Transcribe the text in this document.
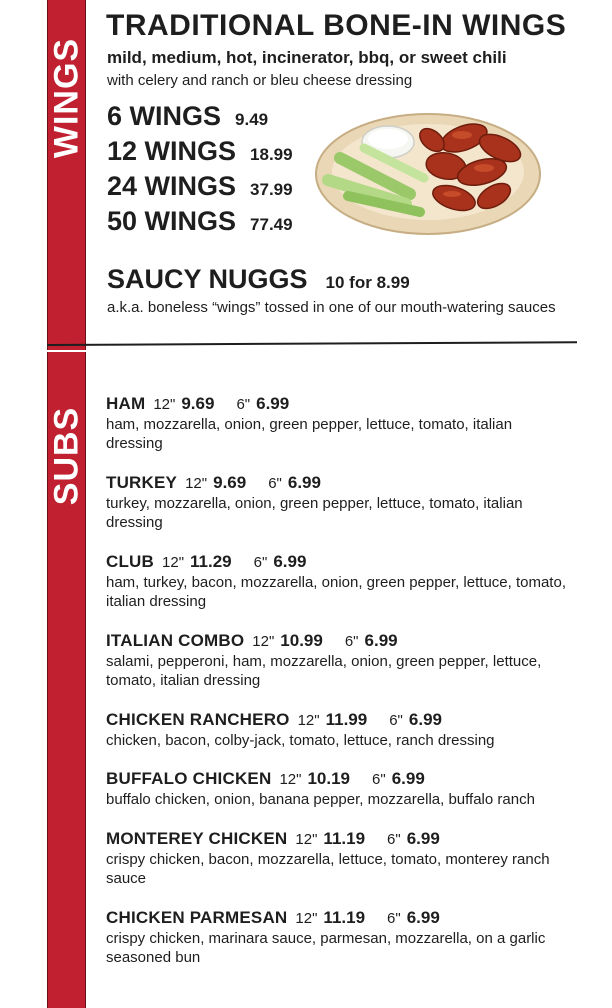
WINGS
TRADITIONAL BONE-IN WINGS
mild, medium, hot, incinerator, bbq, or sweet chili
with celery and ranch or bleu cheese dressing
6 WINGS 9.49
12 WINGS 18.99
24 WINGS 37.99
50 WINGS 77.49
SAUCY NUGGS 10 for 8.99
a.k.a. boneless “wings” tossed in one of our mouth-watering sauces
SUBS
HAM 12" 9.69 6" 6.99
ham, mozzarella, onion, green pepper, lettuce, tomato, italian dressing
TURKEY 12" 9.69 6" 6.99
turkey, mozzarella, onion, green pepper, lettuce, tomato, italian dressing
CLUB 12" 11.29 6" 6.99
ham, turkey, bacon, mozzarella, onion, green pepper, lettuce, tomato, italian dressing
ITALIAN COMBO 12" 10.99 6" 6.99
salami, pepperoni, ham, mozzarella, onion, green pepper, lettuce, tomato, italian dressing
CHICKEN RANCHERO 12" 11.99 6" 6.99
chicken, bacon, colby-jack, tomato, lettuce, ranch dressing
BUFFALO CHICKEN 12" 10.19 6" 6.99
buffalo chicken, onion, banana pepper, mozzarella, buffalo ranch
MONTEREY CHICKEN 12" 11.19 6" 6.99
crispy chicken, bacon, mozzarella, lettuce, tomato, monterey ranch sauce
CHICKEN PARMESAN 12" 11.19 6" 6.99
crispy chicken, marinara sauce, parmesan, mozzarella, on a garlic seasoned bun
